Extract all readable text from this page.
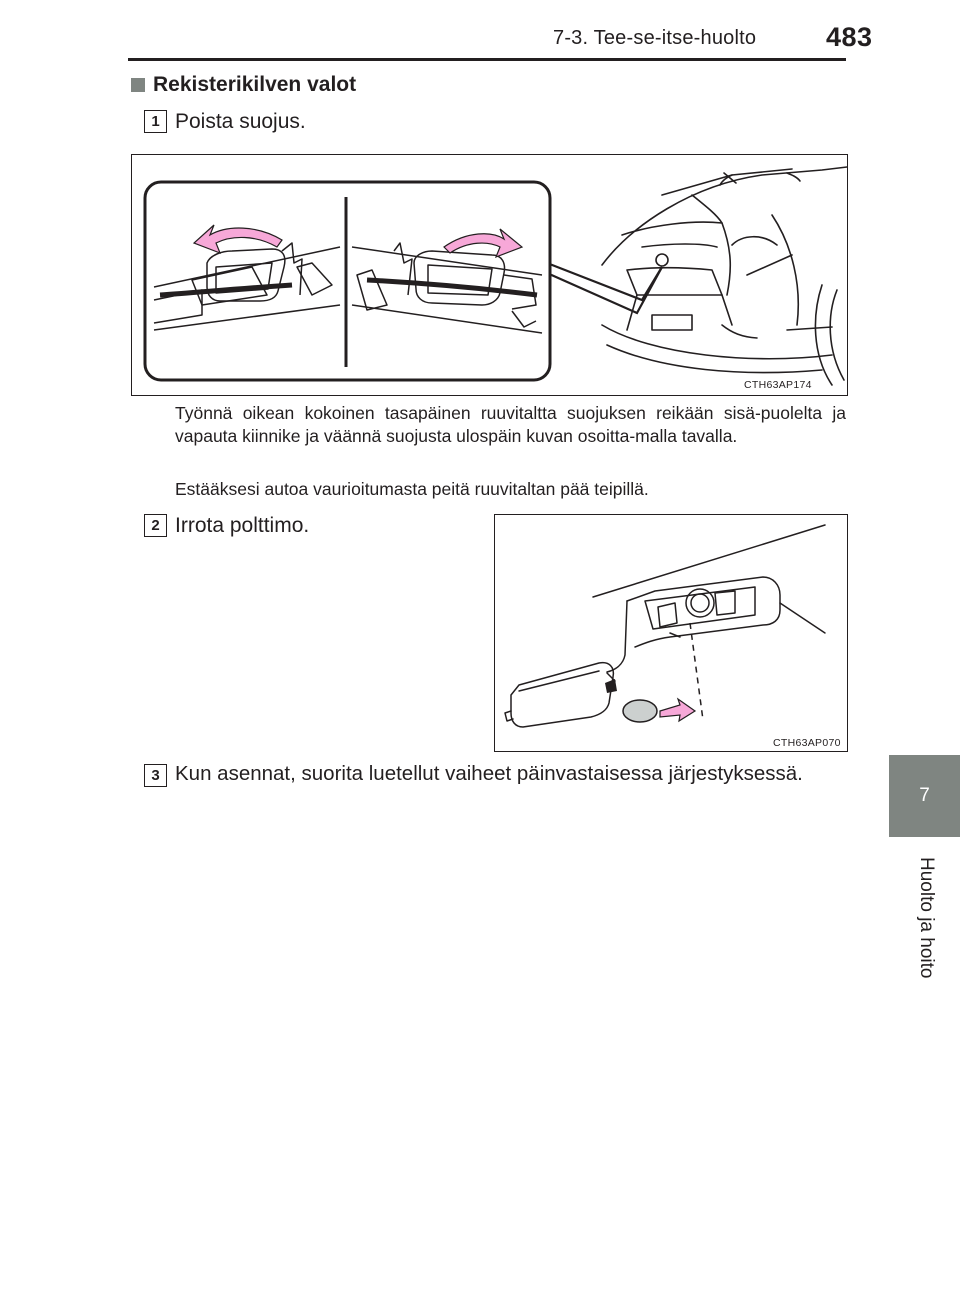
7-3. Tee-se-itse-huolto	483
7
Huolto ja hoito
Rekisterikilven valot
1 Poista suojus.
CTH63AP174
Työnnä oikean kokoinen tasapäinen ruuvitaltta suojuksen reikään sisä-puolelta ja vapauta kiinnike ja väännä suojusta ulospäin kuvan osoitta-malla tavalla.
Estääksesi autoa vaurioitumasta peitä ruuvitaltan pää teipillä.
2 Irrota polttimo.
CTH63AP070
3 Kun asennat, suorita luetellut vaiheet päinvastaisessa järjestyksessä.
